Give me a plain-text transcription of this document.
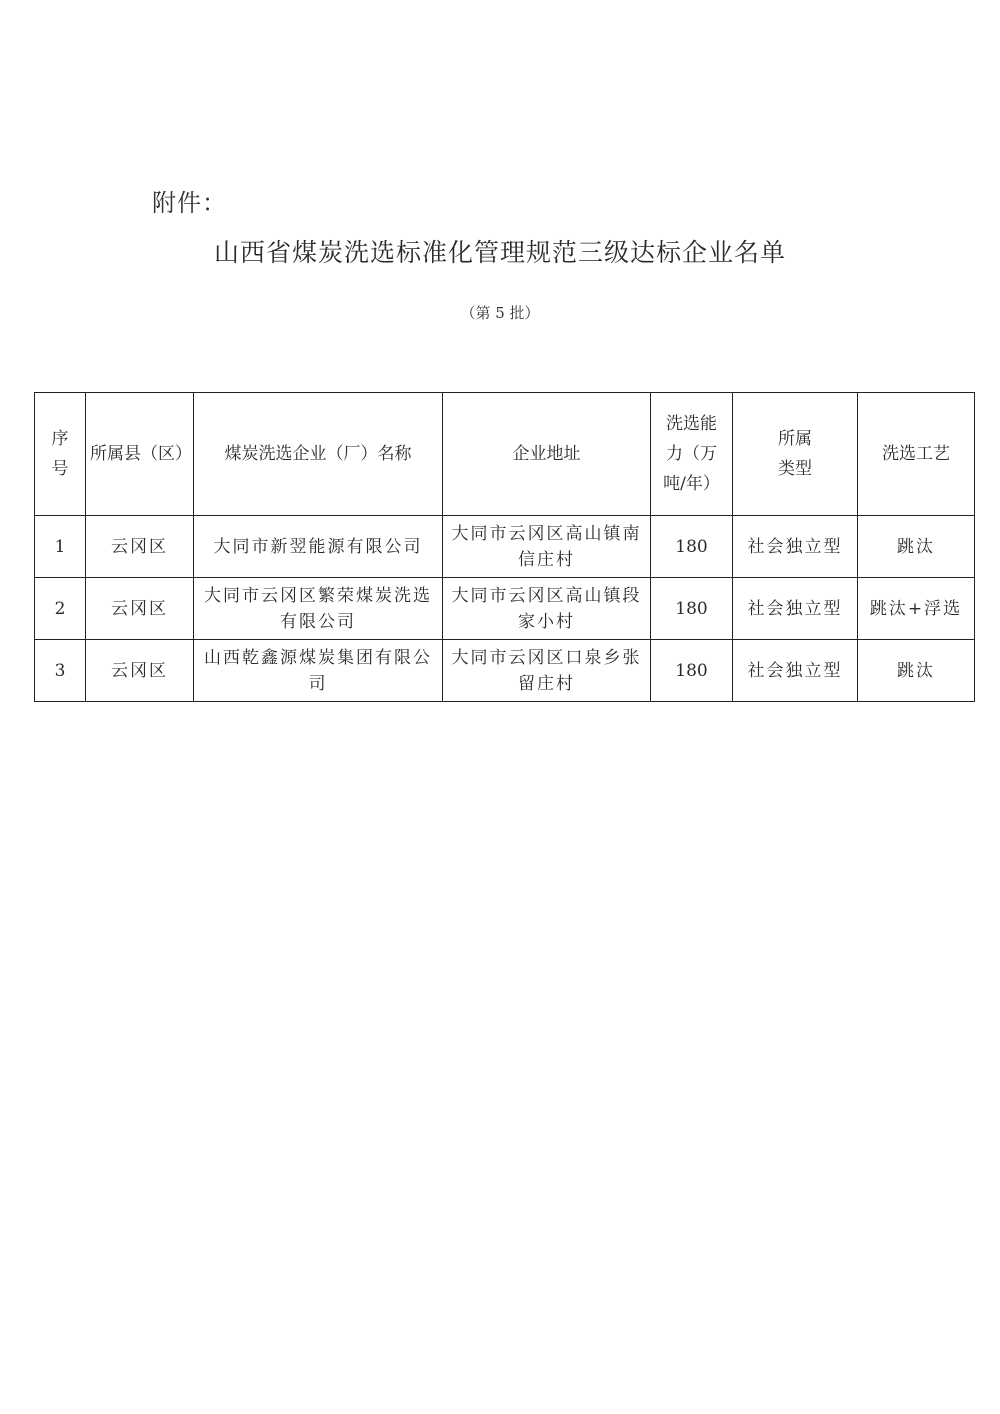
附件：
山西省煤炭洗选标准化管理规范三级达标企业名单
（第 5 批）
序号	所属县（区）	煤炭洗选企业（厂）名称	企业地址	洗选能力（万吨/年）	所属类型	洗选工艺
1	云冈区	大同市新翌能源有限公司	大同市云冈区高山镇南信庄村	180	社会独立型	跳汰
2	云冈区	大同市云冈区繁荣煤炭洗选有限公司	大同市云冈区高山镇段家小村	180	社会独立型	跳汰+浮选
3	云冈区	山西乾鑫源煤炭集团有限公司	大同市云冈区口泉乡张留庄村	180	社会独立型	跳汰
